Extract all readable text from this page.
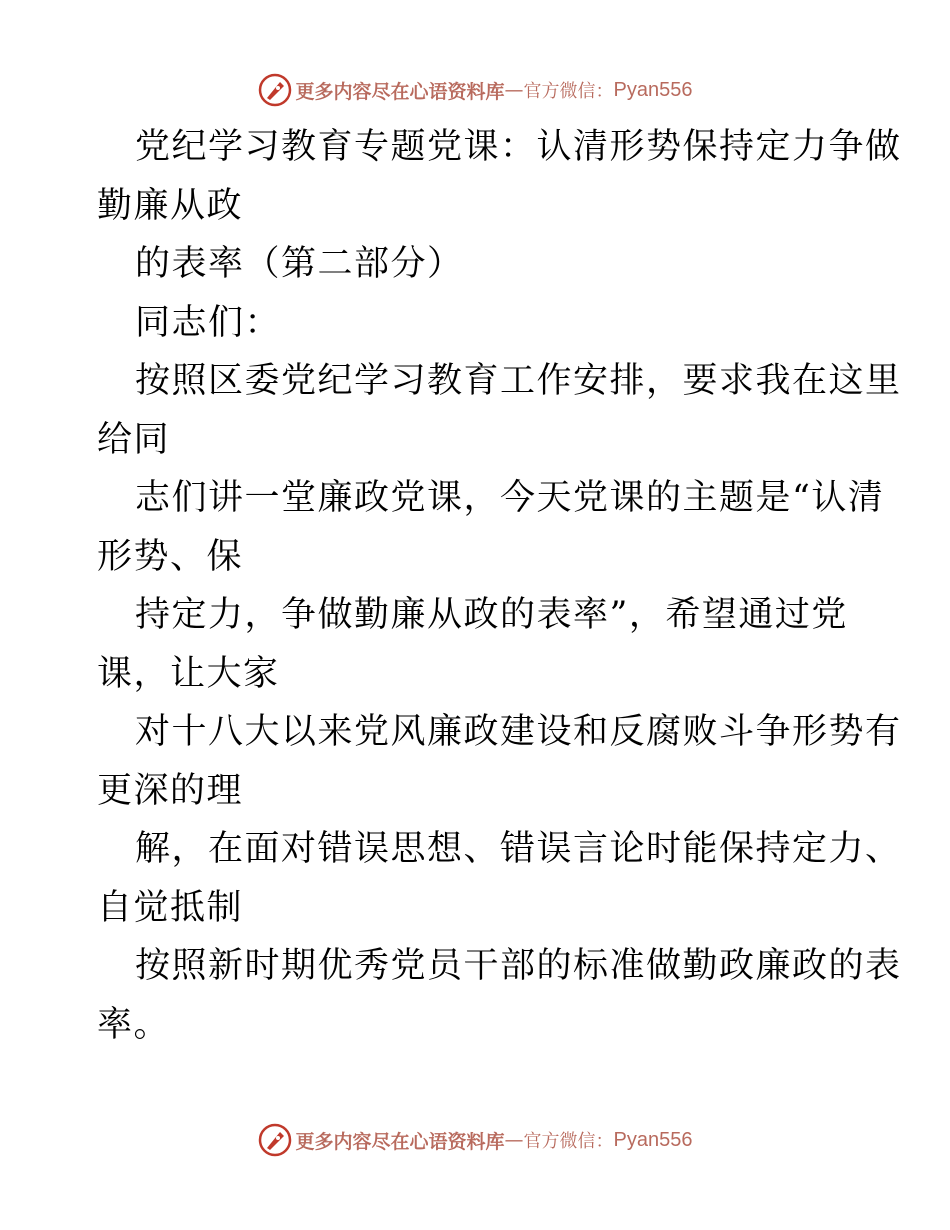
更多内容尽在心语资料库 — 官方微信： Pyan556
党纪学习教育专题党课：认清形势保持定力争做
勤廉从政
的表率（第二部分）
同志们：
按照区委党纪学习教育工作安排，要求我在这里
给同
志们讲一堂廉政党课，今天党课的主题是“认清
形势、保
持定力，争做勤廉从政的表率”，希望通过党
课，让大家
对十八大以来党风廉政建设和反腐败斗争形势有
更深的理
解，在面对错误思想、错误言论时能保持定力、
自觉抵制
按照新时期优秀党员干部的标准做勤政廉政的表
率。
更多内容尽在心语资料库 — 官方微信： Pyan556
